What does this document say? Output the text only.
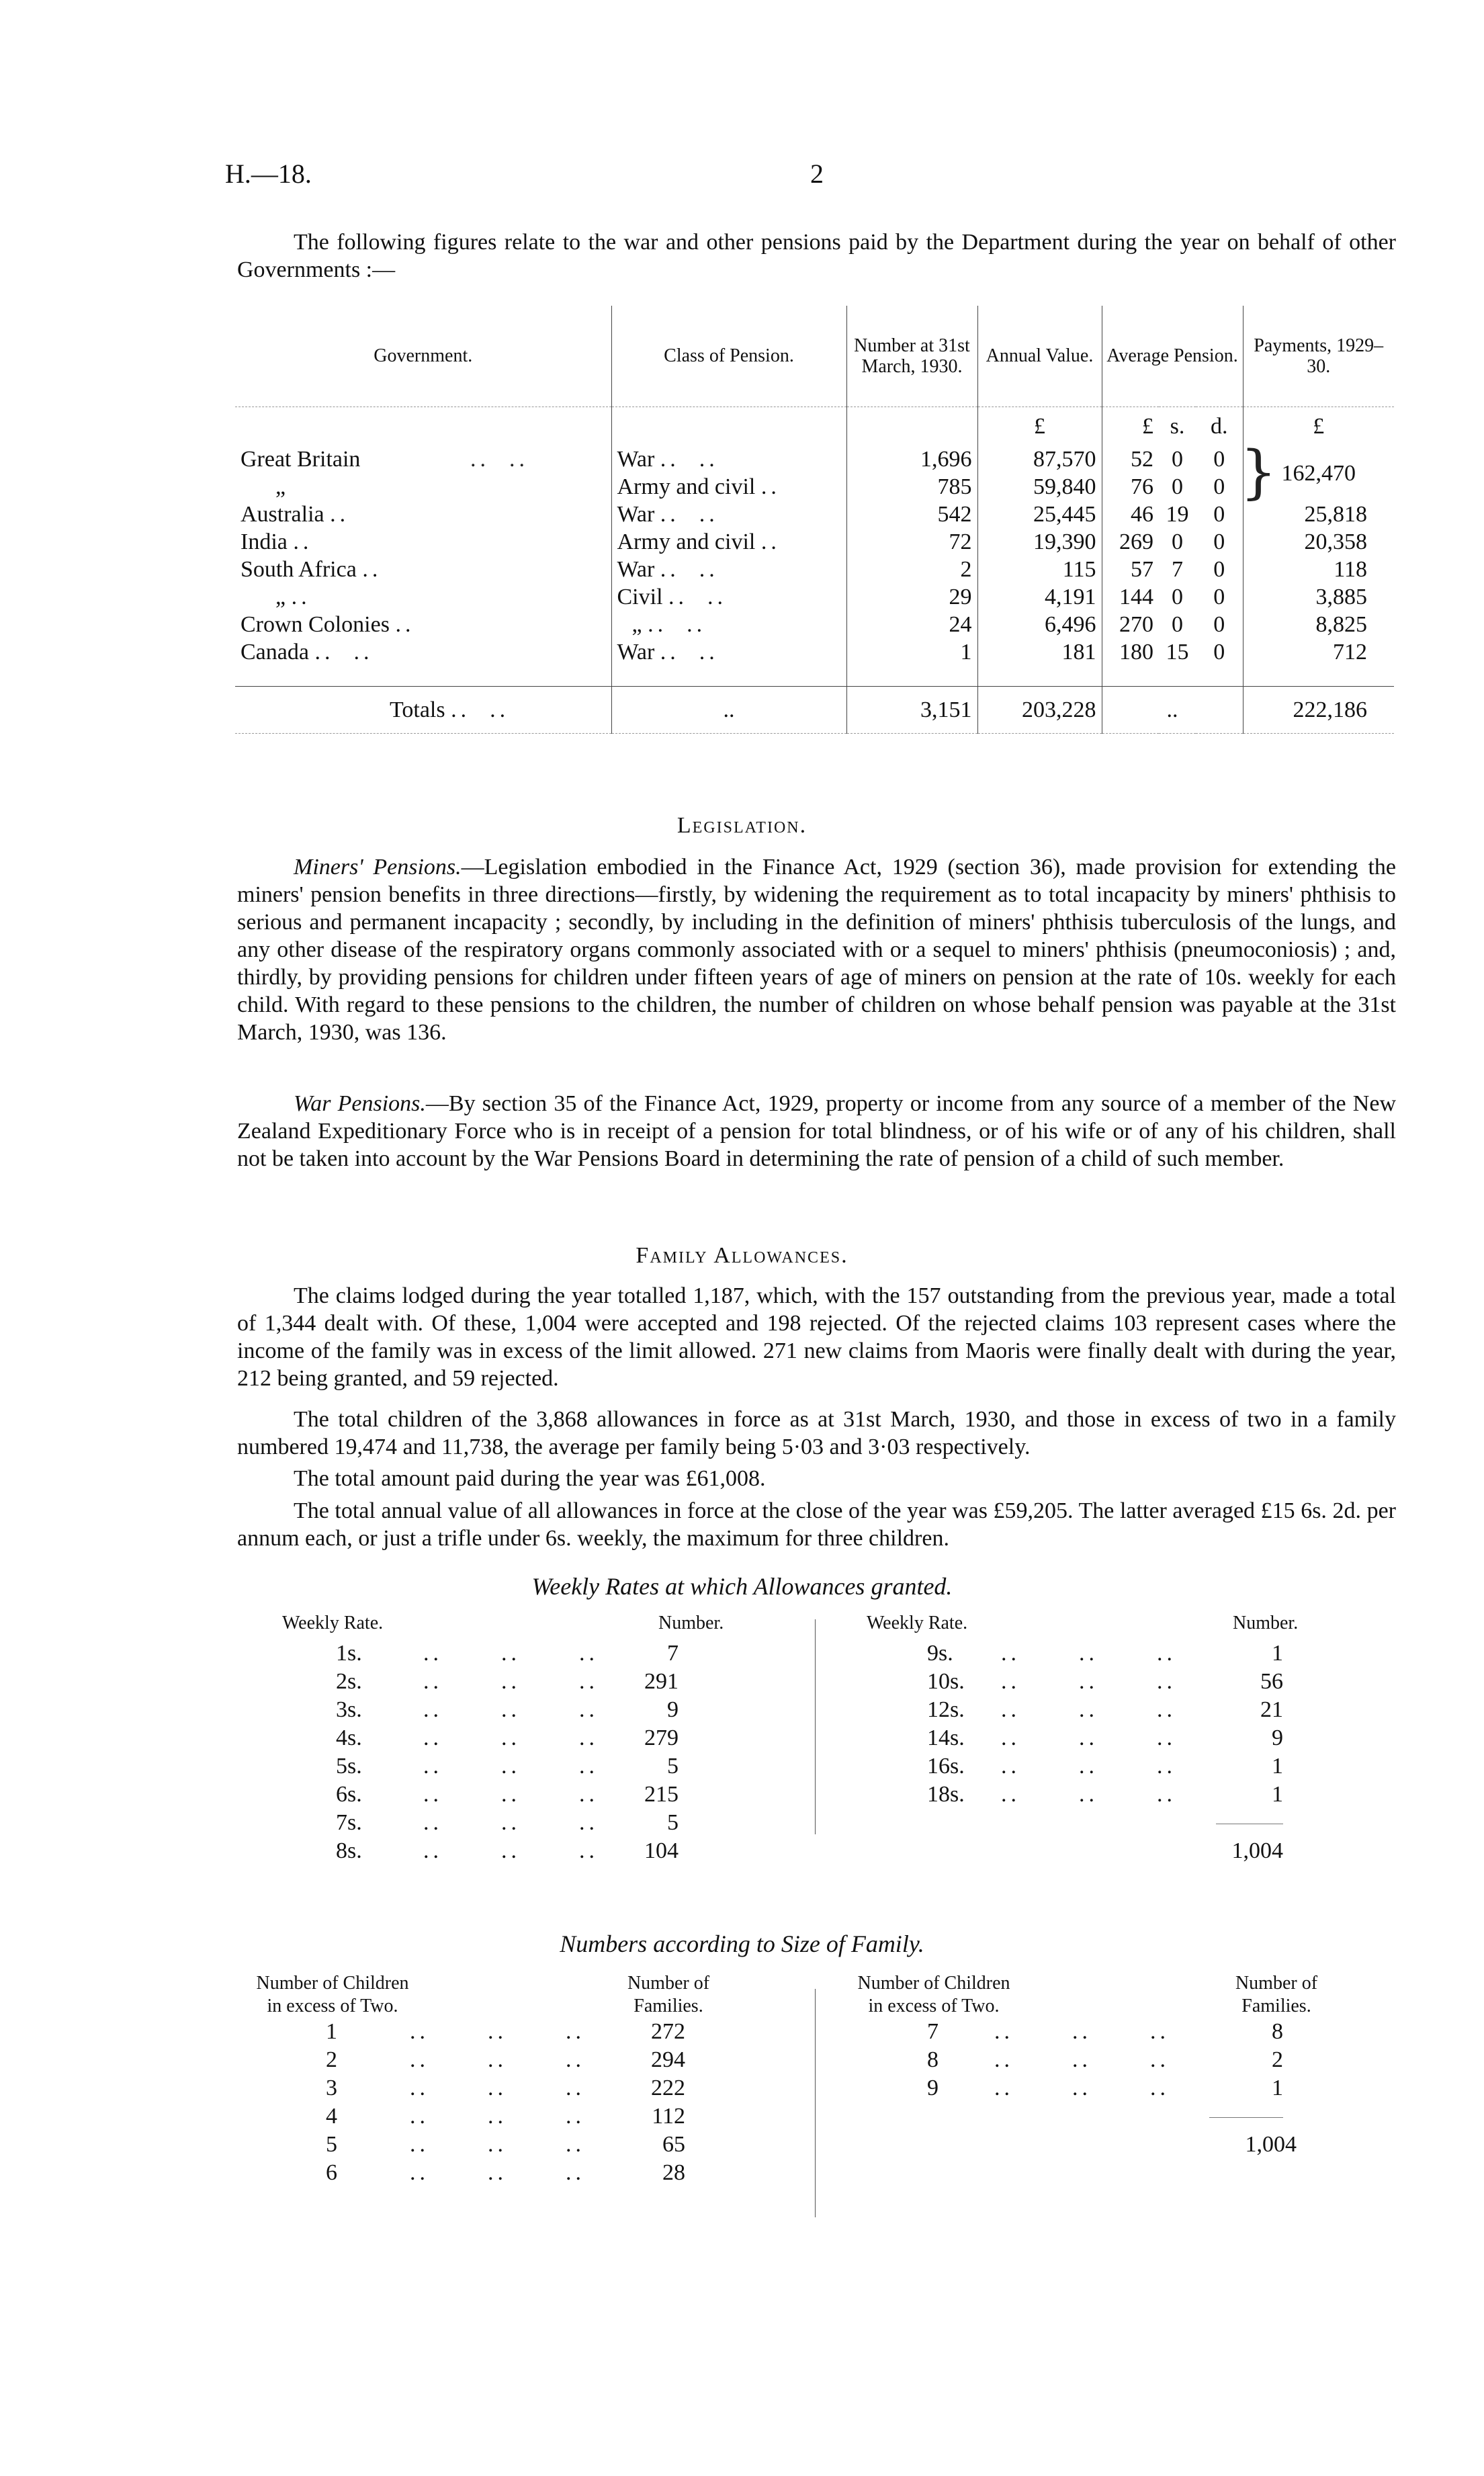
H.—18.	2

The following figures relate to the war and other pensions paid by the Department during the year on behalf of other Governments :—

Government.	Class of Pension.	Number at 31st March, 1930.	Annual Value.	Average Pension.			Payments, 1929–30.
			£	£	s.	d.	£
Great Britain ..  ..	War ..  ..	1,696	87,570	52	0	0	162,470
„	Army and civil ..	785	59,840	76	0	0	
Australia ..	War ..  ..	542	25,445	46	19	0	25,818
India ..	Army and civil ..	72	19,390	269	0	0	20,358
South Africa ..	War ..  ..	2	115	57	7	0	118
„ ..	Civil ..  ..	29	4,191	144	0	0	3,885
Crown Colonies ..	„ ..  ..	24	6,496	270	0	0	8,825
Canada ..  ..	War ..  ..	1	181	180	15	0	712

Totals ..  ..	..	3,151	203,228	..			222,186
}
Legislation.

Miners' Pensions.—Legislation embodied in the Finance Act, 1929 (section 36), made provision for extending the miners' pension benefits in three directions—firstly, by widening the requirement as to total incapacity by miners' phthisis to serious and permanent incapacity ; secondly, by including in the definition of miners' phthisis tuberculosis of the lungs, and any other disease of the respiratory organs commonly associated with or a sequel to miners' phthisis (pneumoconiosis) ; and, thirdly, by providing pensions for children under fifteen years of age of miners on pension at the rate of 10s. weekly for each child. With regard to these pensions to the children, the number of children on whose behalf pension was payable at the 31st March, 1930, was 136.

War Pensions.—By section 35 of the Finance Act, 1929, property or income from any source of a member of the New Zealand Expeditionary Force who is in receipt of a pension for total blindness, or of his wife or of any of his children, shall not be taken into account by the War Pensions Board in determining the rate of pension of a child of such member.

Family Allowances.

The claims lodged during the year totalled 1,187, which, with the 157 outstanding from the previous year, made a total of 1,344 dealt with. Of these, 1,004 were accepted and 198 rejected. Of the rejected claims 103 represent cases where the income of the family was in excess of the limit allowed. 271 new claims from Maoris were finally dealt with during the year, 212 being granted, and 59 rejected.

The total children of the 3,868 allowances in force as at 31st March, 1930, and those in excess of two in a family numbered 19,474 and 11,738, the average per family being 5·03 and 3·03 respectively.

The total amount paid during the year was £61,008.

The total annual value of all allowances in force at the close of the year was £59,205. The latter averaged £15 6s. 2d. per annum each, or just a trifle under 6s. weekly, the maximum for three children.

Weekly Rates at which Allowances granted.
Weekly Rate.	Number.
1s.	..      ..      ..	7
2s.	..      ..      .. 291
3s.	..      ..      ..	9
4s.	..      ..      .. 279
5s.	..      ..      ..	5
6s.	..      ..      .. 215
7s.	..      ..      ..	5
8s.	..      ..      .. 104
Weekly Rate.	Number.
9s. ..      ..      ..	1
10s. ..      ..      ..	56
12s. ..      ..      ..	21
14s. ..      ..      ..	9
16s. ..      ..      ..	1
18s. ..      ..      ..	1
1,004
Numbers according to Size of Family.
Number of Children
in excess of Two.
Number of
Families.
1	..      ..      ..	272
2	..      ..      ..	294
3	..      ..      ..	222
4	..      ..      ..	112
5	..      ..      ..	65
6	..      ..      ..	28
Number of Children
in excess of Two.
Number of
Families.
7 ..      ..      ..	8
8 ..      ..      ..	2
9 ..      ..      ..	1
1,004
